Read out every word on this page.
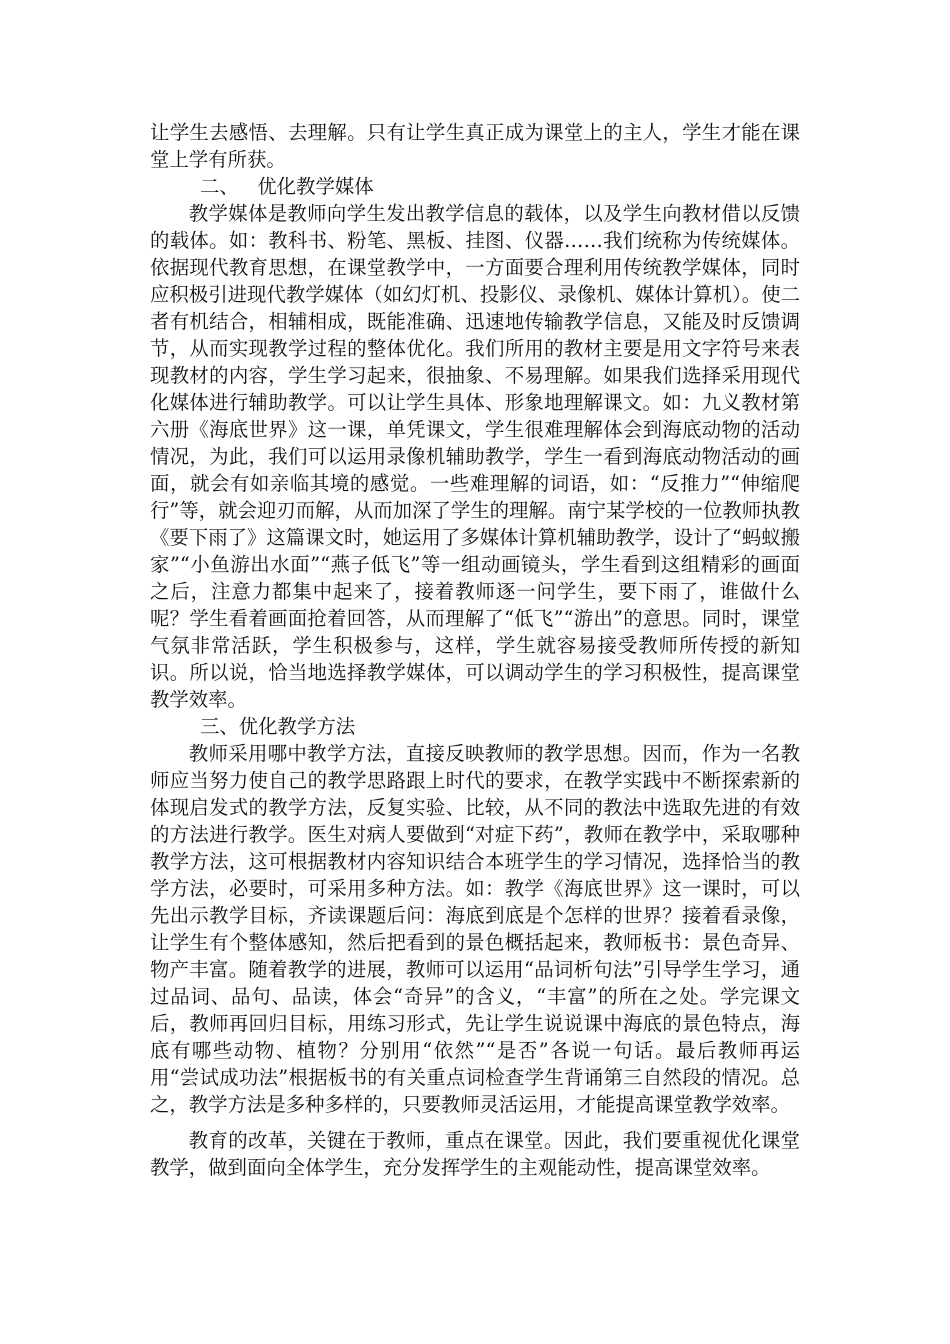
让学生去感悟、去理解。只有让学生真正成为课堂上的主人，学生才能在课堂上学有所获。

二、 优化教学媒体

教学媒体是教师向学生发出教学信息的载体，以及学生向教材借以反馈的载体。如：教科书、粉笔、黑板、挂图、仪器……我们统称为传统媒体。依据现代教育思想，在课堂教学中，一方面要合理利用传统教学媒体，同时应积极引进现代教学媒体（如幻灯机、投影仪、录像机、媒体计算机）。使二者有机结合，相辅相成，既能准确、迅速地传输教学信息，又能及时反馈调节，从而实现教学过程的整体优化。我们所用的教材主要是用文字符号来表现教材的内容，学生学习起来，很抽象、不易理解。如果我们选择采用现代化媒体进行辅助教学。可以让学生具体、形象地理解课文。如：九义教材第六册《海底世界》这一课，单凭课文，学生很难理解体会到海底动物的活动情况，为此，我们可以运用录像机辅助教学，学生一看到海底动物活动的画面，就会有如亲临其境的感觉。一些难理解的词语，如：“反推力”“伸缩爬行”等，就会迎刃而解，从而加深了学生的理解。南宁某学校的一位教师执教《要下雨了》这篇课文时，她运用了多媒体计算机辅助教学，设计了“蚂蚁搬家”“小鱼游出水面”“燕子低飞”等一组动画镜头，学生看到这组精彩的画面之后，注意力都集中起来了，接着教师逐一问学生，要下雨了，谁做什么呢？学生看着画面抢着回答，从而理解了“低飞”“游出”的意思。同时，课堂气氛非常活跃，学生积极参与，这样，学生就容易接受教师所传授的新知识。所以说，恰当地选择教学媒体，可以调动学生的学习积极性，提高课堂教学效率。

三、优化教学方法

教师采用哪中教学方法，直接反映教师的教学思想。因而，作为一名教师应当努力使自己的教学思路跟上时代的要求，在教学实践中不断探索新的体现启发式的教学方法，反复实验、比较，从不同的教法中选取先进的有效的方法进行教学。医生对病人要做到“对症下药”，教师在教学中，采取哪种教学方法，这可根据教材内容知识结合本班学生的学习情况，选择恰当的教学方法，必要时，可采用多种方法。如：教学《海底世界》这一课时，可以先出示教学目标，齐读课题后问：海底到底是个怎样的世界？接着看录像，让学生有个整体感知，然后把看到的景色概括起来，教师板书：景色奇异、物产丰富。随着教学的进展，教师可以运用“品词析句法”引导学生学习，通过品词、品句、品读，体会“奇异”的含义，“丰富”的所在之处。学完课文后，教师再回归目标，用练习形式，先让学生说说课中海底的景色特点，海底有哪些动物、植物？分别用“依然”“是否”各说一句话。最后教师再运用“尝试成功法”根据板书的有关重点词检查学生背诵第三自然段的情况。总之，教学方法是多种多样的，只要教师灵活运用，才能提高课堂教学效率。

教育的改革，关键在于教师，重点在课堂。因此，我们要重视优化课堂教学，做到面向全体学生，充分发挥学生的主观能动性，提高课堂效率。
